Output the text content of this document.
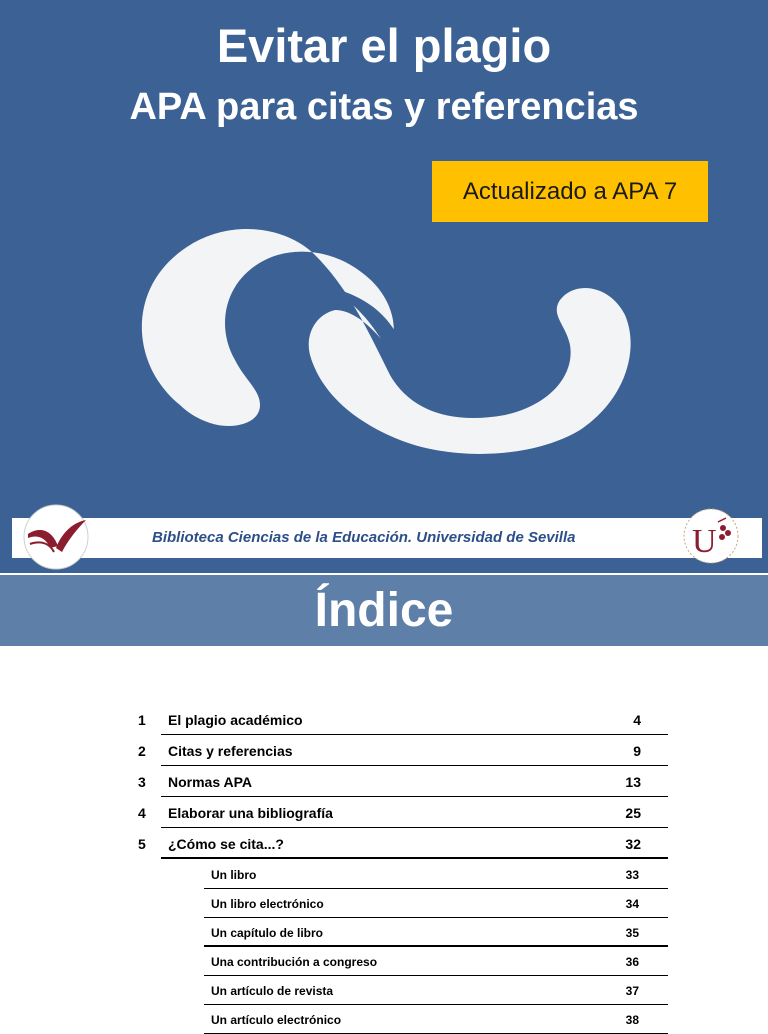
Evitar el plagio
APA para citas y referencias
Actualizado a APA 7
Biblioteca Ciencias de la Educación. Universidad de Sevilla	U
Índice
1	El plagio académico	4
2	Citas y referencias	9
3	Normas APA	13
4	Elaborar una bibliografía	25
5	¿Cómo se cita...?	32
Un libro	33
Un libro electrónico	34
Un capítulo de libro	35
Una contribución a congreso	36
Un artículo de revista	37
Un artículo electrónico	38
